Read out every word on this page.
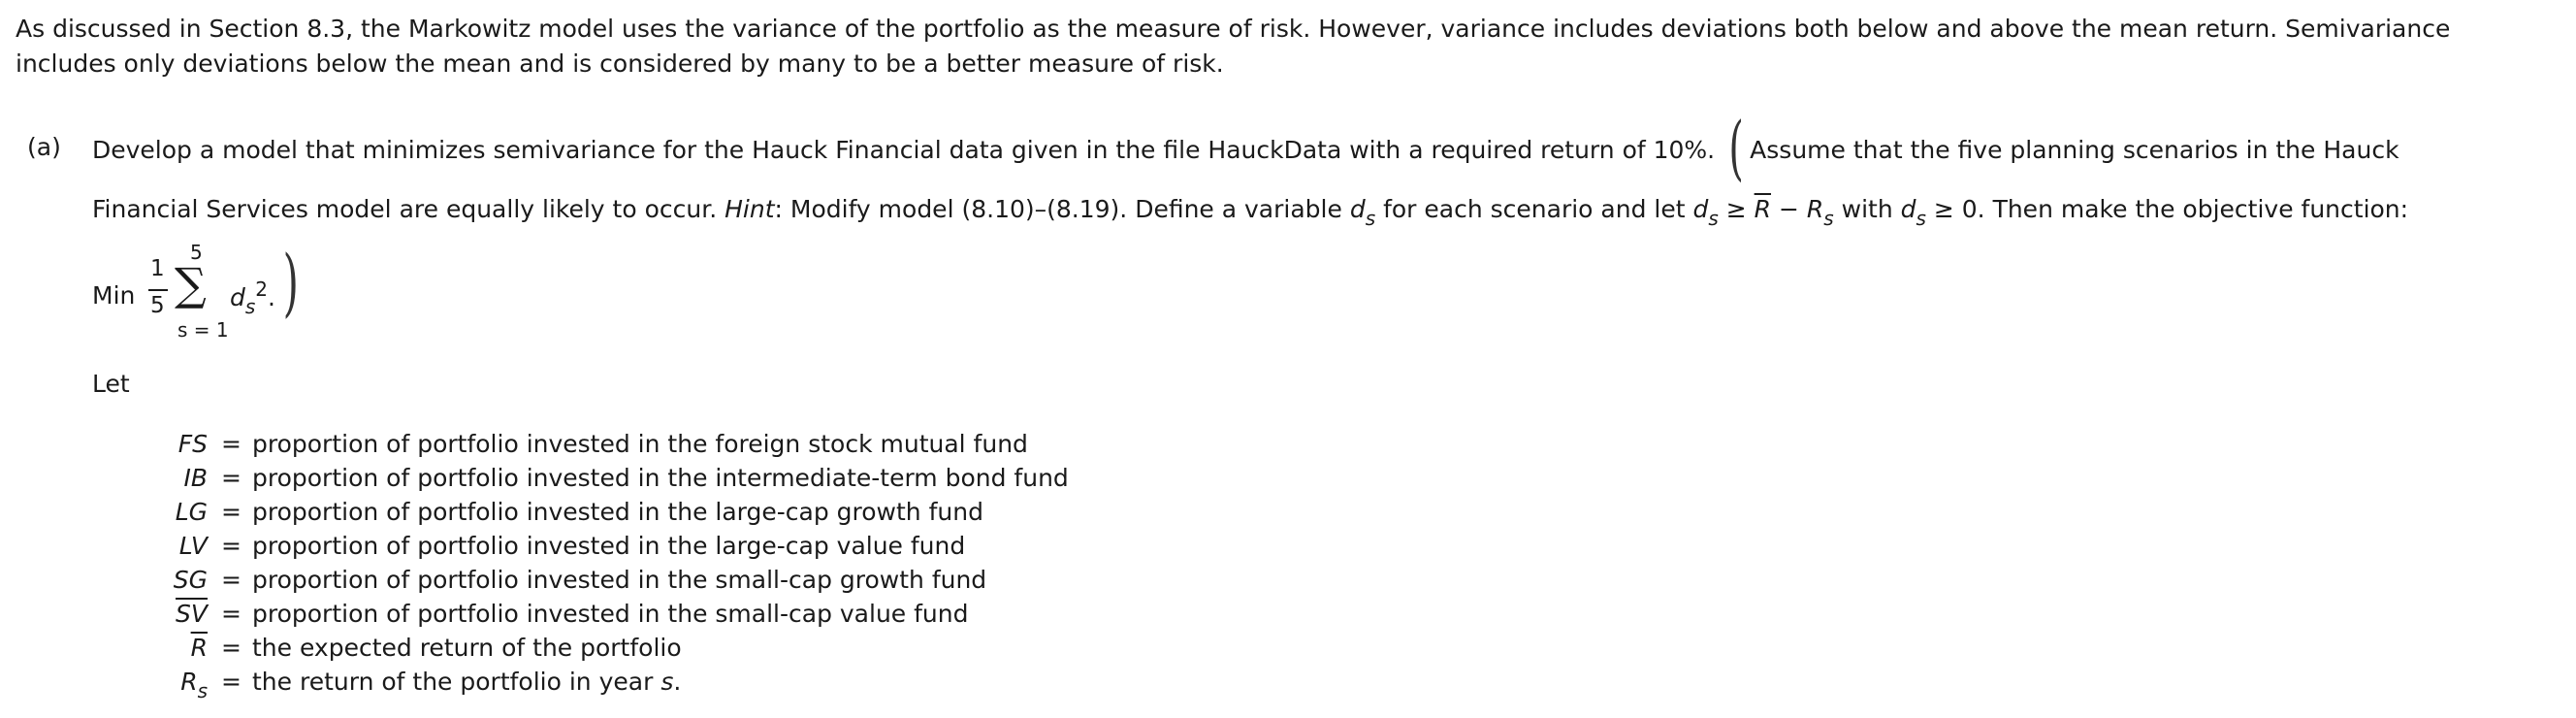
As discussed in Section 8.3, the Markowitz model uses the variance of the portfolio as the measure of risk. However, variance includes deviations both below and above the mean return. Semivariance includes only deviations below the mean and is considered by many to be a better measure of risk.
(a) Develop a model that minimizes semivariance for the Hauck Financial data given in the file HauckData with a required return of 10%. ( Assume that the five planning scenarios in the Hauck
Financial Services model are equally likely to occur. Hint: Modify model (8.10)–(8.19). Define a variable $d_s$ for each scenario and let $d_s \ge \overline{R} - R_s$ with $d_s \ge 0$. Then make the objective function:
Min
1
5
5
∑
s = 1
$d_s^2$. )
Let
FS = proportion of portfolio invested in the foreign stock mutual fund
IB = proportion of portfolio invested in the intermediate-term bond fund
LG = proportion of portfolio invested in the large-cap growth fund
LV = proportion of portfolio invested in the large-cap value fund
SG = proportion of portfolio invested in the small-cap growth fund
$\overline{SV}$ = proportion of portfolio invested in the small-cap value fund
$\overline{R}$ = the expected return of the portfolio
$R_s$ = the return of the portfolio in year s.
